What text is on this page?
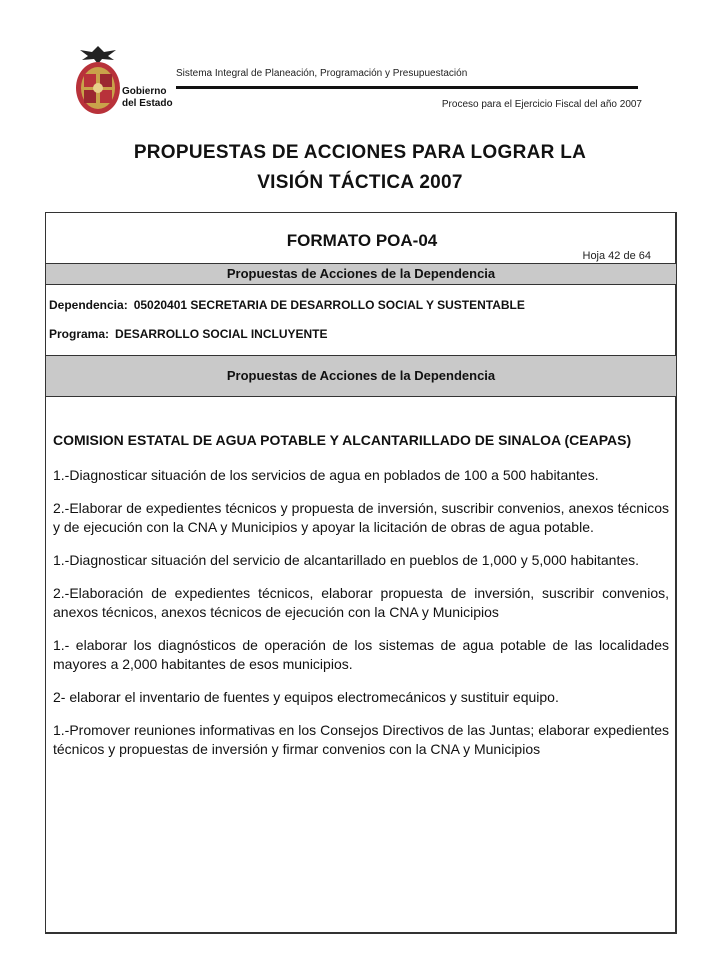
Gobierno
del Estado
Sistema Integral de Planeación, Programación y Presupuestación
Proceso para el Ejercicio Fiscal del año 2007
PROPUESTAS DE ACCIONES PARA LOGRAR LA
VISIÓN TÁCTICA 2007
FORMATO POA-04
Hoja 42 de 64
Propuestas de Acciones de la Dependencia
Dependencia: 05020401 SECRETARIA DE DESARROLLO SOCIAL Y SUSTENTABLE
Programa: DESARROLLO SOCIAL INCLUYENTE
Propuestas de Acciones de la Dependencia
COMISION ESTATAL DE AGUA POTABLE Y ALCANTARILLADO DE SINALOA (CEAPAS)

1.-Diagnosticar situación de los servicios de agua en poblados de 100 a 500 habitantes.

2.-Elaborar de expedientes técnicos y propuesta de inversión, suscribir convenios, anexos técnicos y de ejecución con la CNA y Municipios y apoyar la licitación de obras de agua potable.

1.-Diagnosticar situación del servicio de alcantarillado en pueblos de 1,000 y 5,000 habitantes.

2.-Elaboración de expedientes técnicos, elaborar propuesta de inversión, suscribir convenios, anexos técnicos, anexos técnicos de ejecución con la CNA y Municipios

1.- elaborar los diagnósticos de operación de los sistemas de agua potable de las localidades mayores a 2,000 habitantes de esos municipios.

2- elaborar el inventario de fuentes y equipos electromecánicos y sustituir equipo.

1.-Promover reuniones informativas en los Consejos Directivos de las Juntas; elaborar expedientes técnicos y propuestas de inversión y firmar convenios con la CNA y Municipios
